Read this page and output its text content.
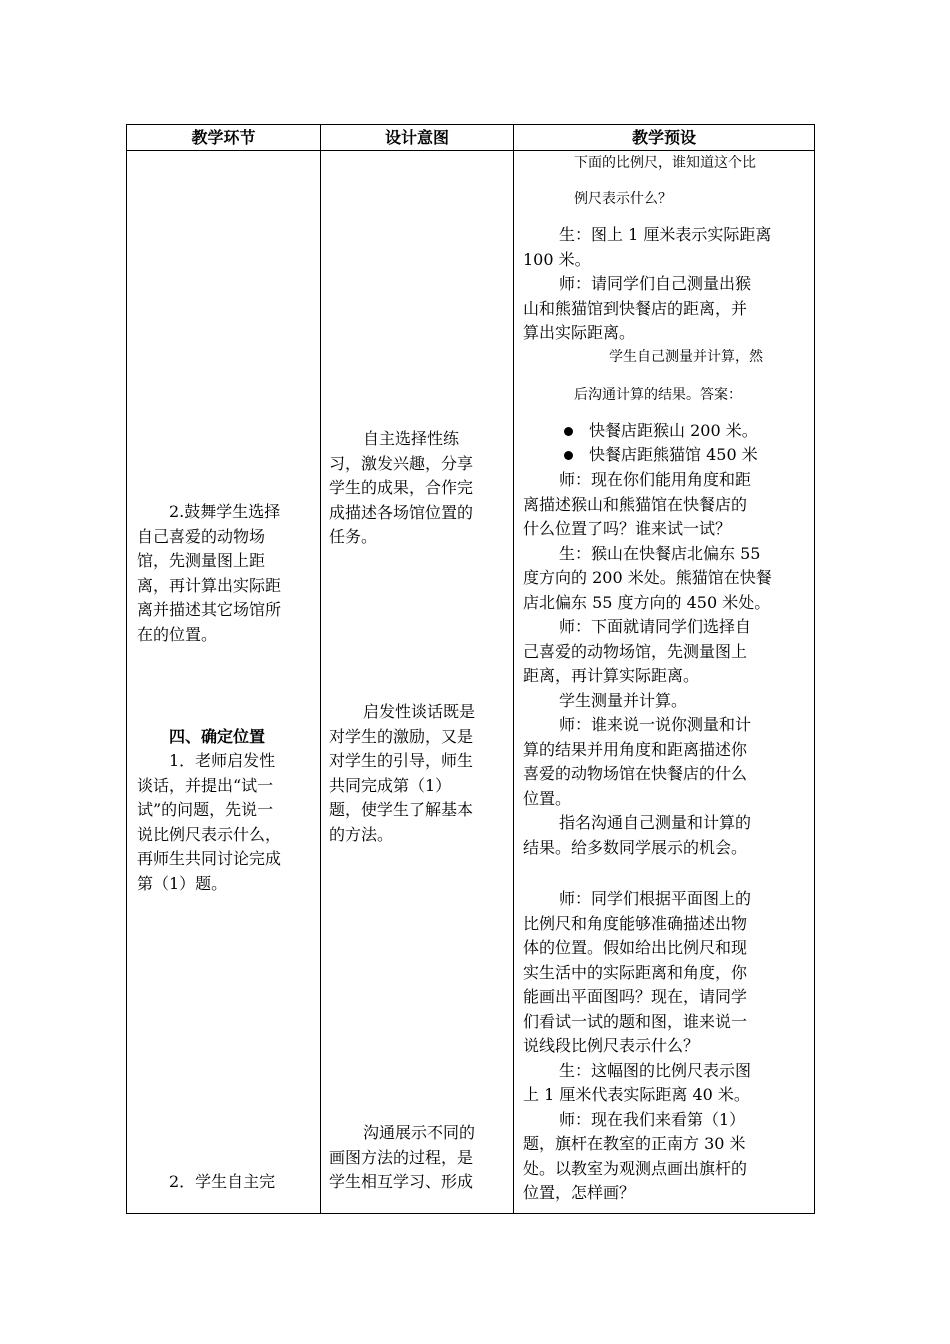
教学环节	设计意图	教学预设
2.鼓舞学生选择
自己喜爱的动物场
馆，先测量图上距
离，再计算出实际距
离并描述其它场馆所
在的位置。
四、确定位置
1．老师启发性
谈话，并提出“试一
试”的问题，先说一
说比例尺表示什么，
再师生共同讨论完成
第（1）题。
2．学生自主完
自主选择性练
习，激发兴趣，分享
学生的成果，合作完
成描述各场馆位置的
任务。
启发性谈话既是
对学生的激励，又是
对学生的引导，师生
共同完成第（1）
题，使学生了解基本
的方法。
沟通展示不同的
画图方法的过程，是
学生相互学习、形成
下面的比例尺，谁知道这个比
例尺表示什么？
生：图上 1 厘米表示实际距离
100 米。
师：请同学们自己测量出猴
山和熊猫馆到快餐店的距离，并
算出实际距离。
学生自己测量并计算，然
后沟通计算的结果。答案：
快餐店距猴山 200 米。
快餐店距熊猫馆 450 米
师：现在你们能用角度和距
离描述猴山和熊猫馆在快餐店的
什么位置了吗？谁来试一试？
生：猴山在快餐店北偏东 55
度方向的 200 米处。熊猫馆在快餐
店北偏东 55 度方向的 450 米处。
师：下面就请同学们选择自
己喜爱的动物场馆，先测量图上
距离，再计算实际距离。
学生测量并计算。
师：谁来说一说你测量和计
算的结果并用角度和距离描述你
喜爱的动物场馆在快餐店的什么
位置。
指名沟通自己测量和计算的
结果。给多数同学展示的机会。
师：同学们根据平面图上的
比例尺和角度能够准确描述出物
体的位置。假如给出比例尺和现
实生活中的实际距离和角度，你
能画出平面图吗？现在，请同学
们看试一试的题和图，谁来说一
说线段比例尺表示什么？
生：这幅图的比例尺表示图
上 1 厘米代表实际距离 40 米。
师：现在我们来看第（1）
题，旗杆在教室的正南方 30 米
处。以教室为观测点画出旗杆的
位置，怎样画？
